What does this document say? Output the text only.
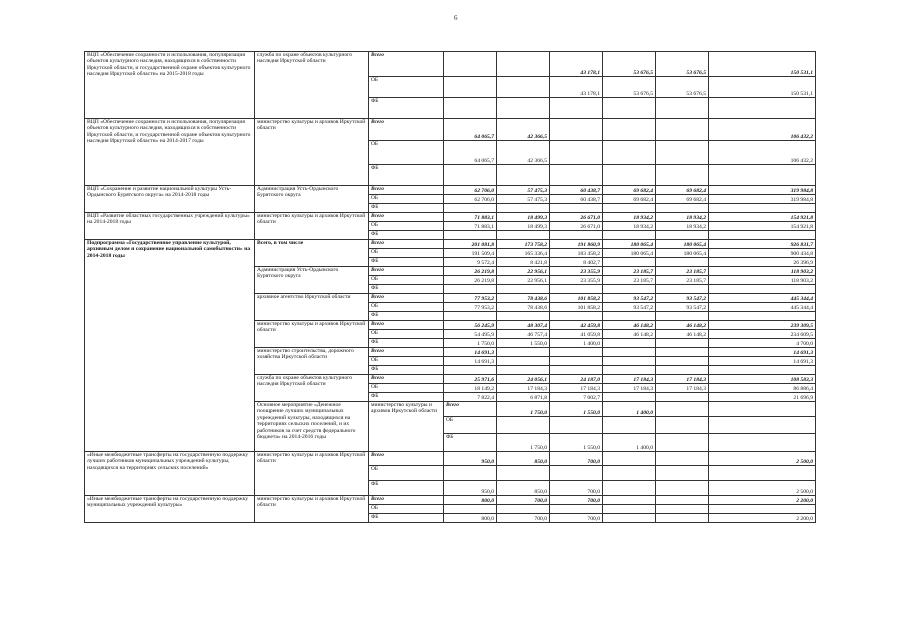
6
ВЦП «Обеспечение сохранности и использования, популяризация объектов культурного наследия, находящихся в собственности Иркутской области, и государственной охране объектов культурного наследия Иркутской области» на 2015-2018 годы	служба по охране объектов культурного наследия Иркутской области	Всего			43 178,1	53 676,5	53 676,5	150 531,1	
		ОБ			43 178,1	53 676,5	53 676,5	150 531,1	
		ФБ							
ВЦП «Обеспечение сохранности и использования, популяризация объектов культурного наследия, находящихся в собственности Иркутской области, и государственной охране объектов культурного наследия Иркутской области» на 2014-2017 годы	министерство культуры и архивов Иркутской области	Всего	64 065,7	42 366,5				106 432,2	
		ОБ	64 065,7	42 366,5				106 432,2	
		ФБ							
ВЦП «Сохранение и развитие национальной культуры Усть-Ордынского Бурятского округа» на 2014-2018 годы	Администрация Усть-Ордынского Бурятского округа	Всего	62 706,0	57 475,3	60 438,7	69 682,4	69 682,4	319 984,8	
		ОБ	62 706,0	57 475,3	60 438,7	69 682,4	69 682,4	319 984,8	
		ФБ							
ВЦП «Развитие областных государственных учреждений культуры» на 2014-2018 годы	министерство культуры и архивов Иркутской области	Всего	71 883,1	18 499,3	26 671,0	18 934,2	18 934,2	154 921,8	
		ОБ	71 883,1	18 499,3	26 671,0	18 934,2	18 934,2	154 921,8	
		ФБ							
Подпрограмма «Государственное управление культурой, архивным делом и сохранение национальной самобытности» на 2014-2018 годы	Всего, в том числе	Всего	201 081,8	173 758,2	191 860,9	180 065,4	180 065,4	926 831,7	
		ОБ	191 509,4	165 336,4	183 458,2	180 065,4	180 065,4	900 434,8	
		ФБ	9 572,4	8 421,8	8 402,7			26 396,9	
	Администрация Усть-Ордынского Бурятского округа	Всего	26 219,8	22 956,1	23 355,9	23 185,7	23 185,7	118 903,2	
		ОБ	26 219,8	22 956,1	23 355,9	23 185,7	23 185,7	118 903,2	
		ФБ							
	архивное агентство Иркутской области	Всего	77 953,2	78 438,6	101 858,2	93 547,2	93 547,2	445 344,4	
		ОБ	77 953,2	78 438,6	101 858,2	93 547,2	93 547,2	445 344,4	
		ФБ							
	министерство культуры и архивов Иркутской области	Всего	56 245,9	48 307,4	42 459,8	46 148,2	46 148,2	239 309,5	
		ОБ	54 495,9	46 757,4	41 059,8	46 148,2	46 148,2	234 609,5	
		ФБ	1 750,0	1 550,0	1 400,0			4 700,0	
	министерство строительства, дорожного хозяйства Иркутской области	Всего	14 691,3					14 691,3	
		ОБ	14 691,3					14 691,3	
		ФБ							
	служба по охране объектов культурного наследия Иркутской области	Всего	25 971,6	24 056,1	24 187,0	17 184,3	17 184,3	108 583,3	
		ОБ	18 149,2	17 184,3	17 184,3	17 184,3	17 184,3	86 886,4	
		ФБ	7 822,4	6 871,8	7 002,7			21 696,9	
	Основное мероприятие «Денежное поощрение лучших муниципальных учреждений культуры, находящихся на территориях сельских поселений, и их работников за счет средств федерального бюджета» на 2014-2016 годы	министерство культуры и архивов Иркутской области	Всего	1 750,0	1 550,0	1 400,0			
			ОБ						
			ФБ	1 750,0	1 550,0	1 400,0			
«Иные межбюджетные трансферты на государственную поддержку лучших работников муниципальных учреждений культуры, находящихся на территориях сельских поселений»	министерство культуры и архивов Иркутской области	Всего	950,0	850,0	700,0			2 500,0	
		ОБ							
		ФБ	950,0	850,0	700,0			2 500,0	
«Иные межбюджетные трансферты на государственную поддержку муниципальных учреждений культуры»	министерство культуры и архивов Иркутской области	Всего	800,0	700,0	700,0			2 200,0	
		ОБ							
		ФБ	800,0	700,0	700,0			2 200,0	
